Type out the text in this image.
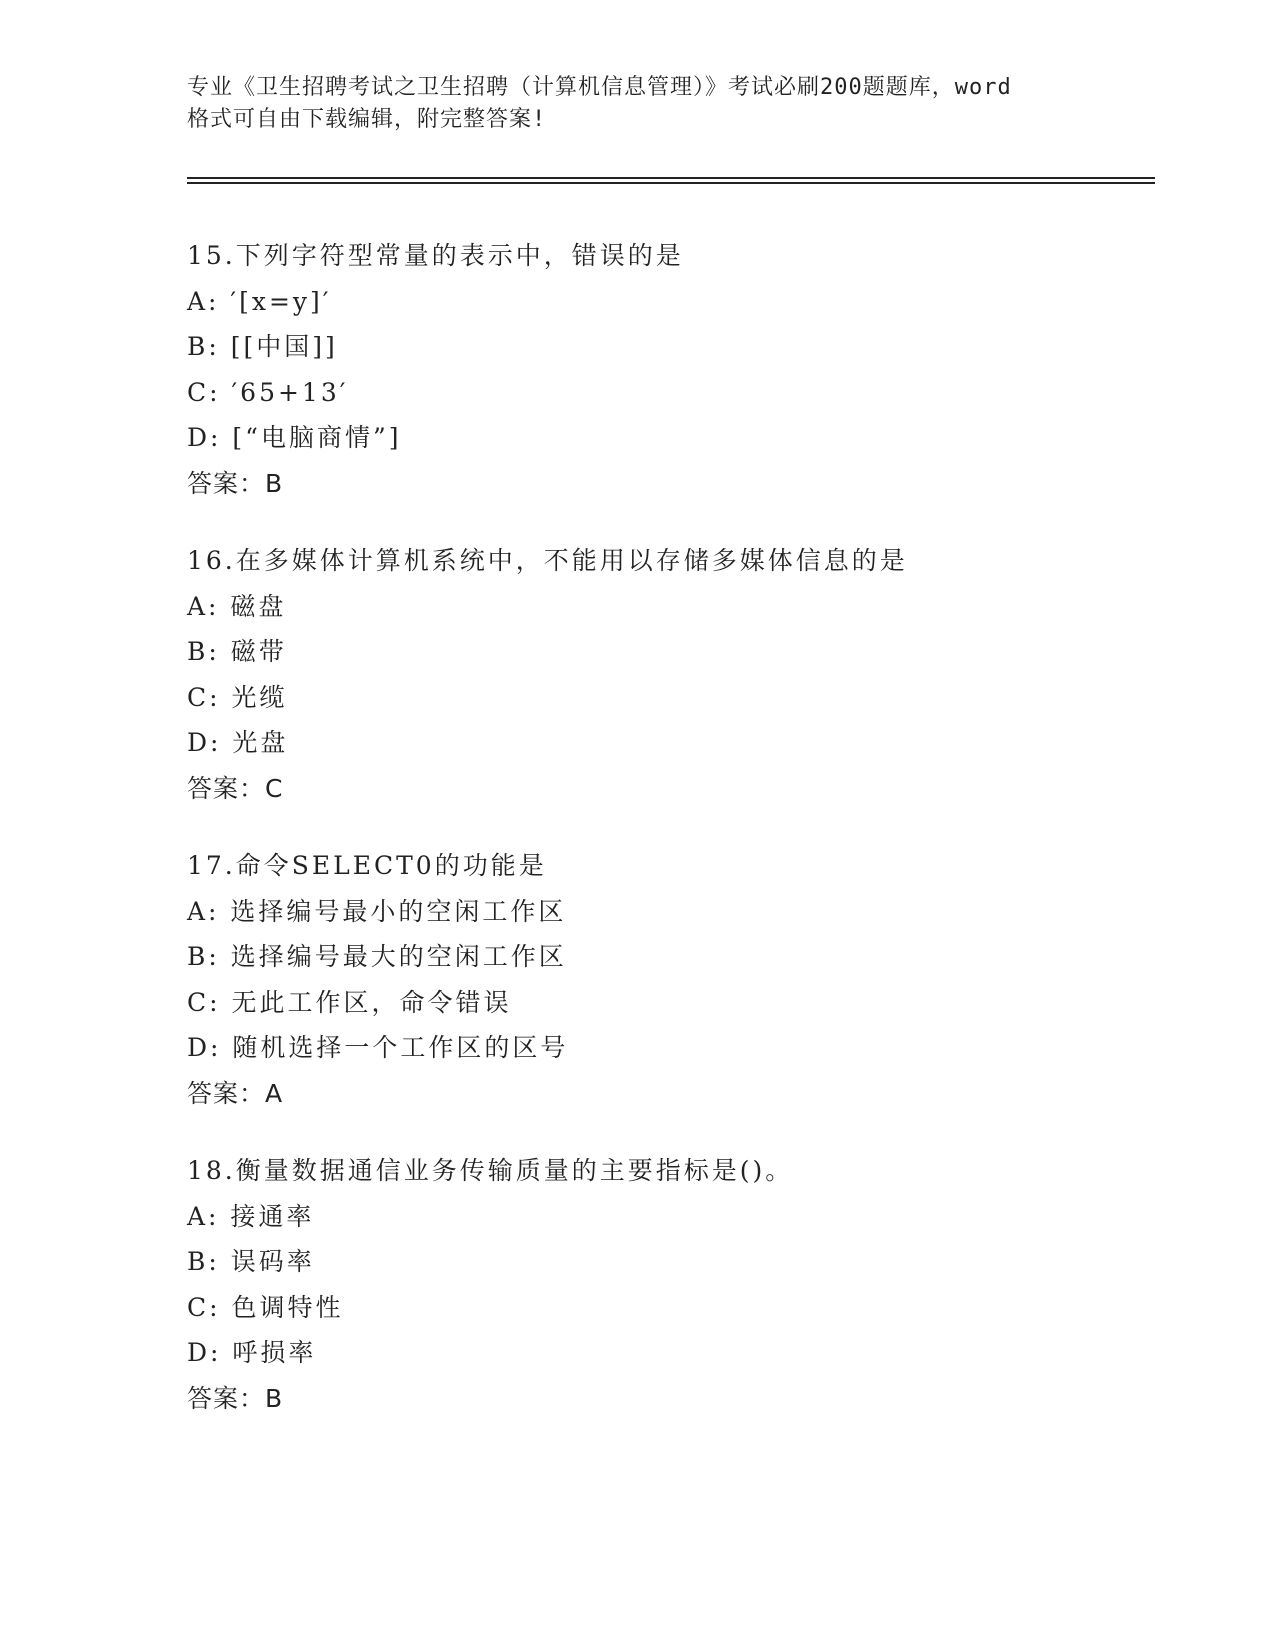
专业《卫生招聘考试之卫生招聘（计算机信息管理）》考试必刷200题题库，word
格式可自由下载编辑，附完整答案!
15.下列字符型常量的表示中，错误的是
A: ′[x=y]′
B: [[中国]]
C: ′65+13′
D: [“电脑商情”]
答案：B
16.在多媒体计算机系统中，不能用以存储多媒体信息的是
A: 磁盘
B: 磁带
C: 光缆
D: 光盘
答案：C
17.命令SELECT0的功能是
A: 选择编号最小的空闲工作区
B: 选择编号最大的空闲工作区
C: 无此工作区，命令错误
D: 随机选择一个工作区的区号
答案：A
18.衡量数据通信业务传输质量的主要指标是()。
A: 接通率
B: 误码率
C: 色调特性
D: 呼损率
答案：B
